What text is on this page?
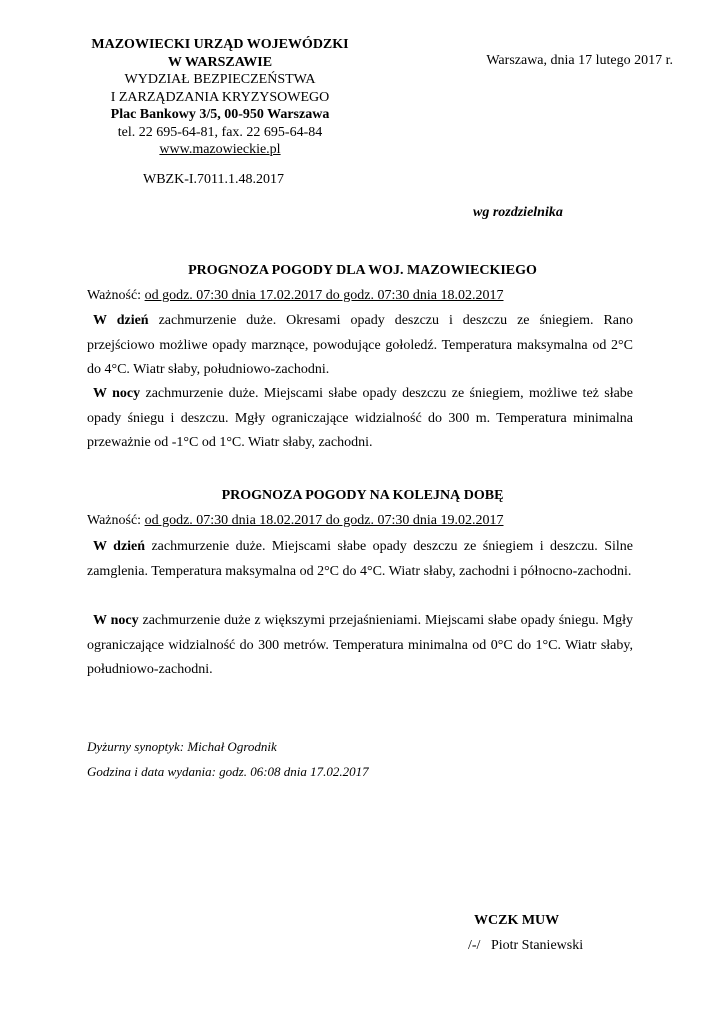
MAZOWIECKI URZĄD WOJEWÓDZKI
W WARSZAWIE
WYDZIAŁ BEZPIECZEŃSTWA
I ZARZĄDZANIA KRYZYSOWEGO
Plac Bankowy 3/5, 00-950 Warszawa
tel. 22 695-64-81, fax. 22 695-64-84
www.mazowieckie.pl
Warszawa, dnia 17 lutego 2017 r.
WBZK-I.7011.1.48.2017
wg rozdzielnika
PROGNOZA POGODY DLA WOJ. MAZOWIECKIEGO
Ważność: od godz. 07:30 dnia 17.02.2017 do godz. 07:30 dnia 18.02.2017
W dzień zachmurzenie duże. Okresami opady deszczu i deszczu ze śniegiem. Rano przejściowo możliwe opady marznące, powodujące gołoledź. Temperatura maksymalna od 2°C do 4°C. Wiatr słaby, południowo-zachodni.
W nocy zachmurzenie duże. Miejscami słabe opady deszczu ze śniegiem, możliwe też słabe opady śniegu i deszczu. Mgły ograniczające widzialność do 300 m. Temperatura minimalna przeważnie od -1°C od 1°C. Wiatr słaby, zachodni.
PROGNOZA POGODY NA KOLEJNĄ DOBĘ
Ważność: od godz. 07:30 dnia 18.02.2017 do godz. 07:30 dnia 19.02.2017
W dzień zachmurzenie duże. Miejscami słabe opady deszczu ze śniegiem i deszczu. Silne zamglenia. Temperatura maksymalna od 2°C do 4°C. Wiatr słaby, zachodni i północno-zachodni.
W nocy zachmurzenie duże z większymi przejaśnieniami. Miejscami słabe opady śniegu. Mgły ograniczające widzialność do 300 metrów. Temperatura minimalna od 0°C do 1°C. Wiatr słaby, południowo-zachodni.
Dyżurny synoptyk: Michał Ogrodnik
Godzina i data wydania: godz. 06:08 dnia 17.02.2017
WCZK MUW
/-/   Piotr Staniewski
